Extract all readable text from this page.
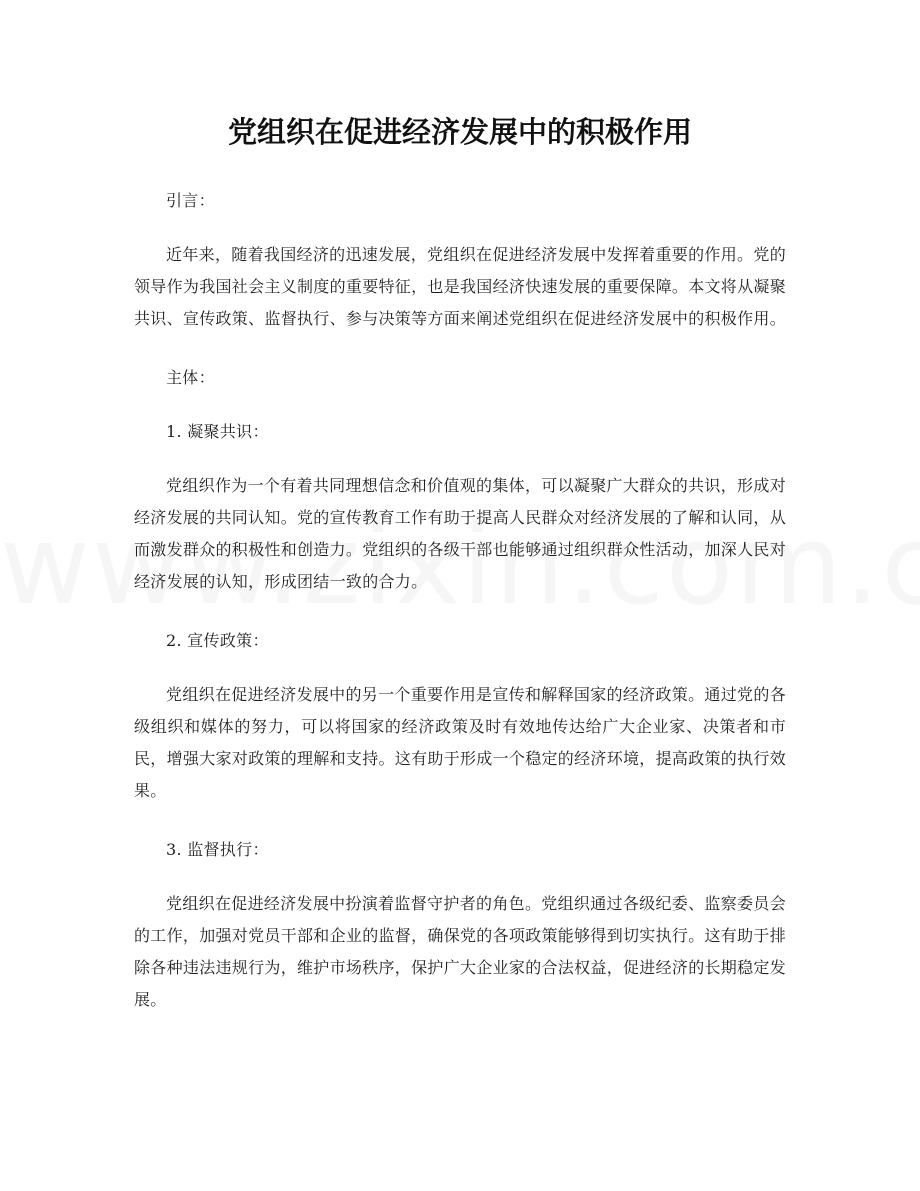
党组织在促进经济发展中的积极作用

引言：

近年来，随着我国经济的迅速发展，党组织在促进经济发展中发挥着重要的作用。党的领导作为我国社会主义制度的重要特征，也是我国经济快速发展的重要保障。本文将从凝聚共识、宣传政策、监督执行、参与决策等方面来阐述党组织在促进经济发展中的积极作用。

主体：

1. 凝聚共识：

党组织作为一个有着共同理想信念和价值观的集体，可以凝聚广大群众的共识，形成对经济发展的共同认知。党的宣传教育工作有助于提高人民群众对经济发展的了解和认同，从而激发群众的积极性和创造力。党组织的各级干部也能够通过组织群众性活动，加深人民对经济发展的认知，形成团结一致的合力。

2. 宣传政策：

党组织在促进经济发展中的另一个重要作用是宣传和解释国家的经济政策。通过党的各级组织和媒体的努力，可以将国家的经济政策及时有效地传达给广大企业家、决策者和市民，增强大家对政策的理解和支持。这有助于形成一个稳定的经济环境，提高政策的执行效果。

3. 监督执行：

党组织在促进经济发展中扮演着监督守护者的角色。党组织通过各级纪委、监察委员会的工作，加强对党员干部和企业的监督，确保党的各项政策能够得到切实执行。这有助于排除各种违法违规行为，维护市场秩序，保护广大企业家的合法权益，促进经济的长期稳定发展。
